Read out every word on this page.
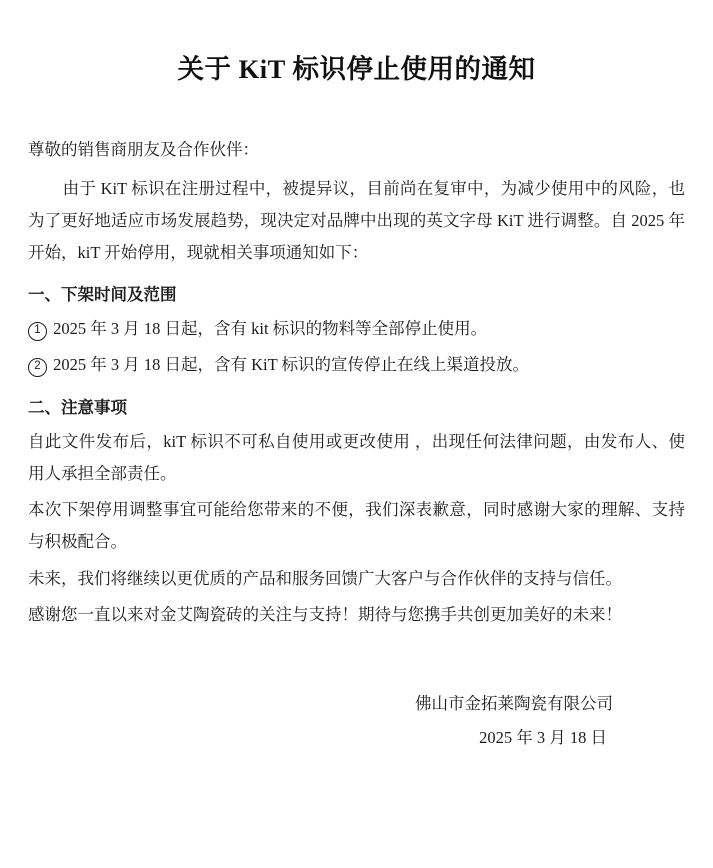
关于 KiT 标识停止使用的通知

尊敬的销售商朋友及合作伙伴：

由于 KiT 标识在注册过程中，被提异议，目前尚在复审中，为减少使用中的风险，也为了更好地适应市场发展趋势，现决定对品牌中出现的英文字母 KiT 进行调整。自 2025 年开始，kiT 开始停用，现就相关事项通知如下：

一、下架时间及范围

1 2025 年 3 月 18 日起，含有 kit 标识的物料等全部停止使用。

2 2025 年 3 月 18 日起，含有 KiT 标识的宣传停止在线上渠道投放。

二、注意事项

自此文件发布后，kiT 标识不可私自使用或更改使用 ，出现任何法律问题，由发布人、使用人承担全部责任。

本次下架停用调整事宜可能给您带来的不便，我们深表歉意，同时感谢大家的理解、支持与积极配合。

未来，我们将继续以更优质的产品和服务回馈广大客户与合作伙伴的支持与信任。

感谢您一直以来对金艾陶瓷砖的关注与支持！期待与您携手共创更加美好的未来！

佛山市金拓莱陶瓷有限公司
2025 年 3 月 18 日
